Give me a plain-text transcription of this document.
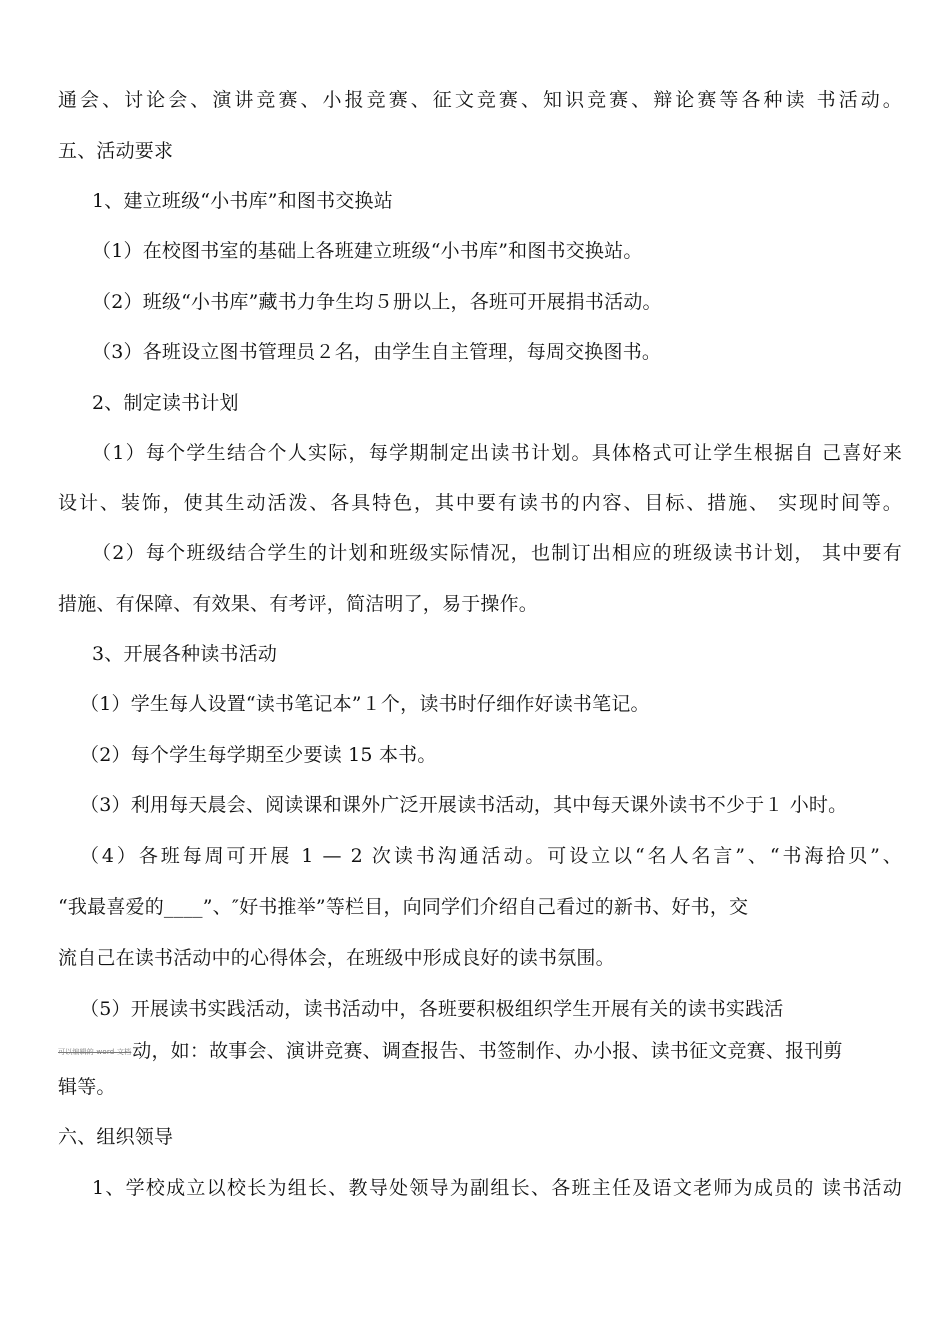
通会、讨论会、演讲竞赛、小报竞赛、征文竞赛、知识竞赛、辩论赛等各种读 书活动。
五、活动要求
1、建立班级“小书库”和图书交换站
（1）在校图书室的基础上各班建立班级“小书库”和图书交换站。
（2）班级“小书库”藏书力争生均５册以上，各班可开展捐书活动。
（3）各班设立图书管理员２名，由学生自主管理，每周交换图书。
2、制定读书计划
（1）每个学生结合个人实际，每学期制定出读书计划。具体格式可让学生根据自 己喜好来
设计、装饰，使其生动活泼、各具特色，其中要有读书的内容、目标、措施、 实现时间等。
（2）每个班级结合学生的计划和班级实际情况，也制订出相应的班级读书计划， 其中要有
措施、有保障、有效果、有考评，简洁明了，易于操作。
3、开展各种读书活动
（1）学生每人设置“读书笔记本”１个，读书时仔细作好读书笔记。
（2）每个学生每学期至少要读 15 本书。
（3）利用每天晨会、阅读课和课外广泛开展读书活动，其中每天课外读书不少于１ 小时。
（4）各班每周可开展 1 — 2 次读书沟通活动。可设立以“名人名言”、“书海拾贝”、
“我最喜爱的____”、″好书推举”等栏目，向同学们介绍自己看过的新书、好书，交
流自己在读书活动中的心得体会，在班级中形成良好的读书氛围。
（5）开展读书实践活动，读书活动中，各班要积极组织学生开展有关的读书实践活
可以编辑的 word 文档动，如：故事会、演讲竞赛、调查报告、书签制作、办小报、读书征文竞赛、报刊剪
辑等。
六、组织领导
1、学校成立以校长为组长、教导处领导为副组长、各班主任及语文老师为成员的 读书活动
